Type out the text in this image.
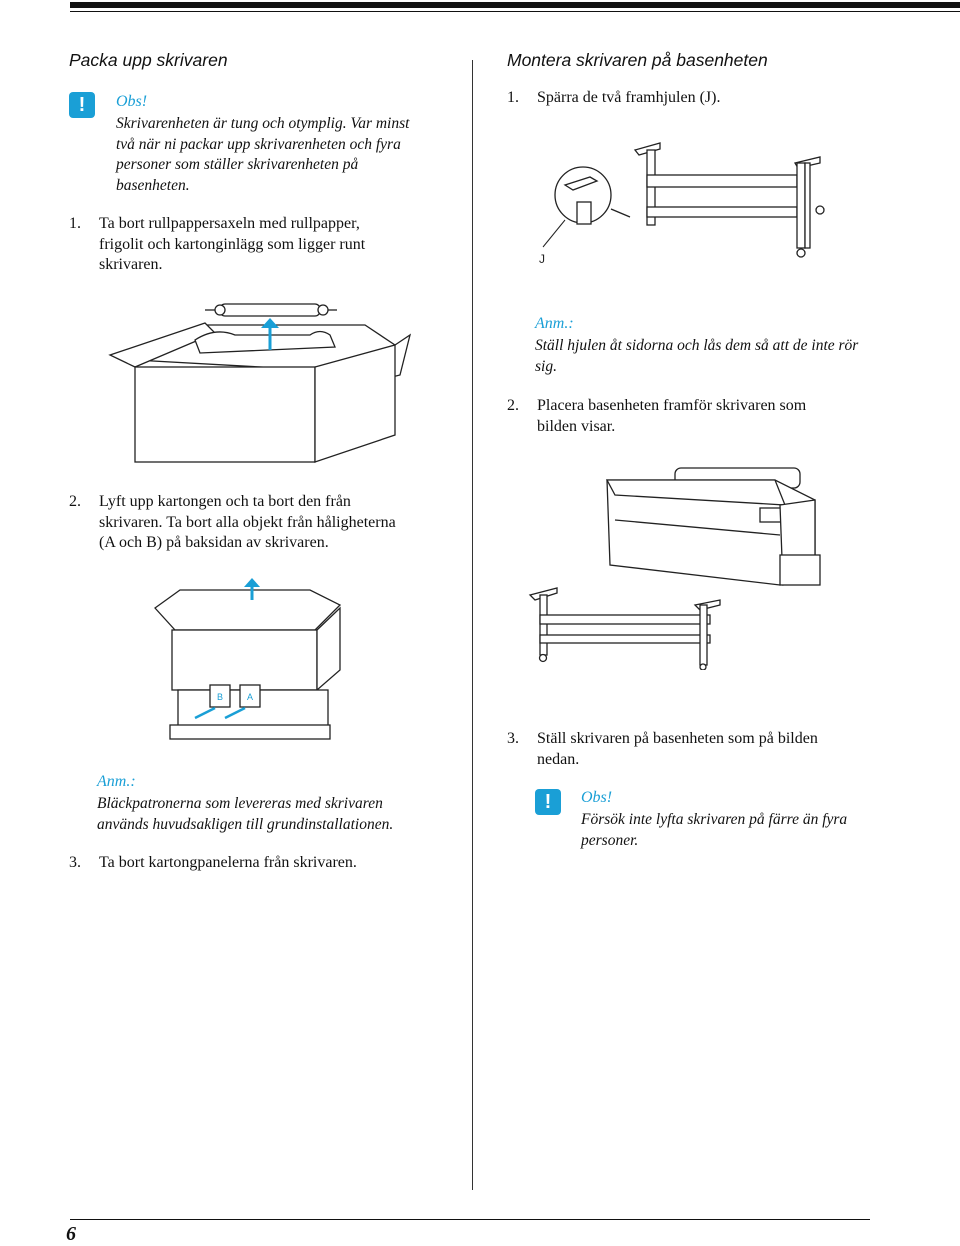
Packa upp skrivaren
!	Obs!
Skrivarenheten är tung och otymplig. Var minst
två när ni packar upp skrivarenheten och fyra
personer som ställer skrivarenheten på
basenheten.
1. Ta bort rullpappersaxeln med rullpapper,
frigolit och kartonginlägg som ligger runt
skrivaren.
2. Lyft upp kartongen och ta bort den från
skrivaren. Ta bort alla objekt från håligheterna
(A och B) på baksidan av skrivaren.
B	A
Anm.:
Bläckpatronerna som levereras med skrivaren
används huvudsakligen till grundinstallationen.
3. Ta bort kartongpanelerna från skrivaren.
Montera skrivaren på basenheten
1. Spärra de två framhjulen (J).
J
Anm.:
Ställ hjulen åt sidorna och lås dem så att de inte rör
sig.
2. Placera basenheten framför skrivaren som
bilden visar.
3. Ställ skrivaren på basenheten som på bilden
nedan.
!	Obs!
Försök inte lyfta skrivaren på färre än fyra
personer.
6
